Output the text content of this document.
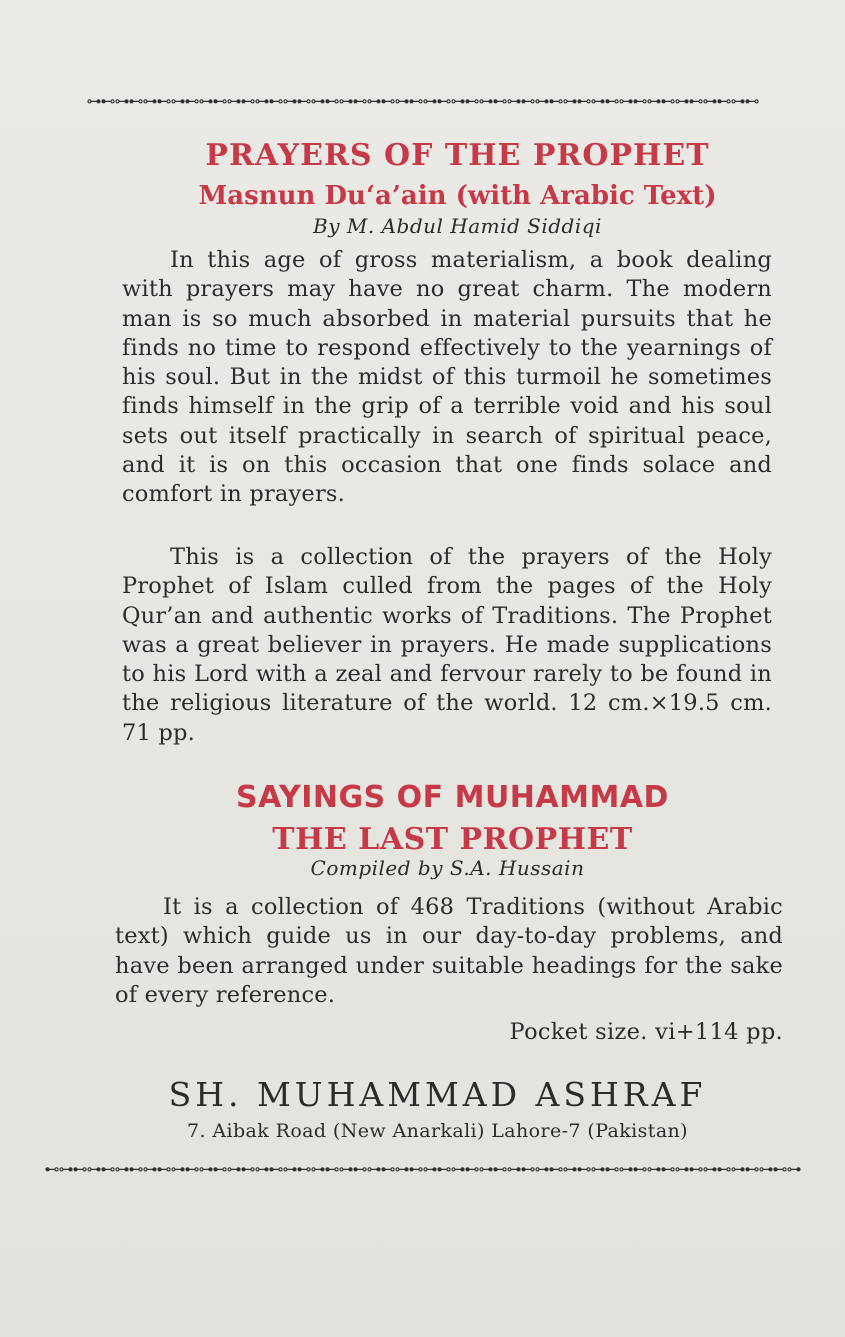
⊶⊷⊶⊷⊶⊷⊶⊷⊶⊷⊶⊷⊶⊷⊶⊷⊶⊷⊶⊷⊶⊷⊶⊷⊶⊷⊶⊷⊶⊷⊶⊷⊶⊷⊶⊷⊶⊷⊶⊷⊶⊷⊶⊷⊶⊷⊶⊷
PRAYERS OF THE PROPHET
Masnun Du‘a’ain (with Arabic Text)
By M. Abdul Hamid Siddiqi

In this age of gross materialism, a book dealing with prayers may have no great charm. The modern man is so much absorbed in material pursuits that he finds no time to respond effectively to the yearnings of his soul. But in the midst of this turmoil he sometimes finds himself in the grip of a terrible void and his soul sets out itself practically in search of spiritual peace, and it is on this occasion that one finds solace and comfort in prayers.

This is a collection of the prayers of the Holy Prophet of Islam culled from the pages of the Holy Qur’an and authentic works of Traditions. The Prophet was a great believer in prayers. He made supplications to his Lord with a zeal and fervour rarely to be found in the religious literature of the world. 12 cm.×19.5 cm. 71 pp.

SAYINGS OF MUHAMMAD
THE LAST PROPHET
Compiled by S.A. Hussain

It is a collection of 468 Traditions (without Arabic text) which guide us in our day-to-day problems, and have been arranged under suitable headings for the sake of every reference.

Pocket size. vi+114 pp.
SH. MUHAMMAD ASHRAF
7. Aibak Road (New Anarkali) Lahore-7 (Pakistan)
⊷⊶⊷⊶⊷⊶⊷⊶⊷⊶⊷⊶⊷⊶⊷⊶⊷⊶⊷⊶⊷⊶⊷⊶⊷⊶⊷⊶⊷⊶⊷⊶⊷⊶⊷⊶⊷⊶⊷⊶⊷⊶⊷⊶⊷⊶⊷⊶⊷⊶⊷⊶⊷⊶
